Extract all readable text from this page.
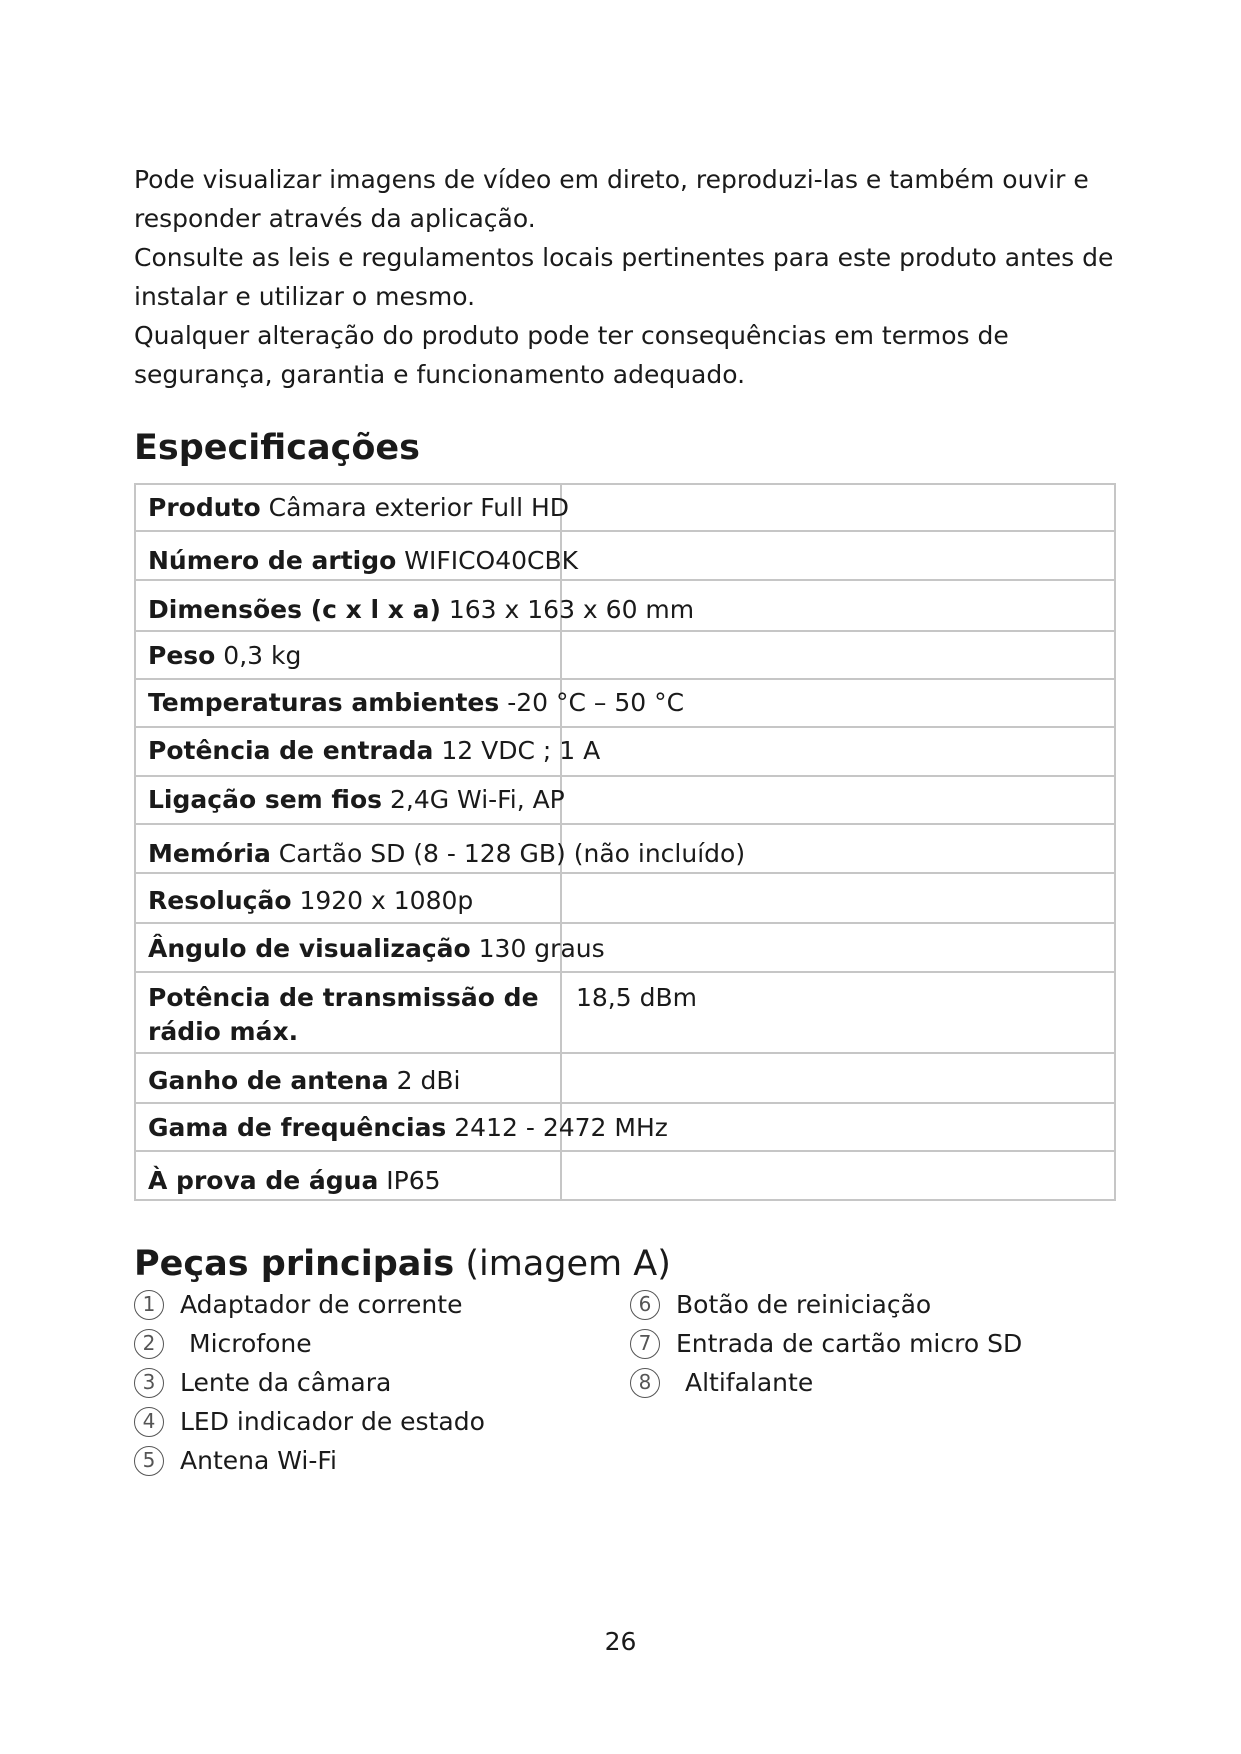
Pode visualizar imagens de vídeo em direto, reproduzi-las e também ouvir e responder através da aplicação.

Consulte as leis e regulamentos locais pertinentes para este produto antes de instalar e utilizar o mesmo.

Qualquer alteração do produto pode ter consequências em termos de segurança, garantia e funcionamento adequado.

Especificações
Produto Câmara exterior Full HD	
Número de artigo WIFICO40CBK	
Dimensões (c x l x a) 163 x 163 x 60 mm	
Peso 0,3 kg	
Temperaturas ambientes -20 °C – 50 °C	
Potência de entrada 12 VDC ; 1 A	
Ligação sem fios 2,4G Wi-Fi, AP	
Memória Cartão SD (8 - 128 GB) (não incluído)	
Resolução 1920 x 1080p	
Ângulo de visualização 130 graus	
Potência de transmissão de rádio máx.	18,5 dBm
Ganho de antena 2 dBi	
Gama de frequências 2412 - 2472 MHz	
À prova de água IP65	
Peças principais (imagem A)
1 Adaptador de corrente
2	Microfone
3 Lente da câmara
4 LED indicador de estado
5 Antena Wi-Fi
6 Botão de reiniciação
7 Entrada de cartão micro SD
8	Altifalante
26
